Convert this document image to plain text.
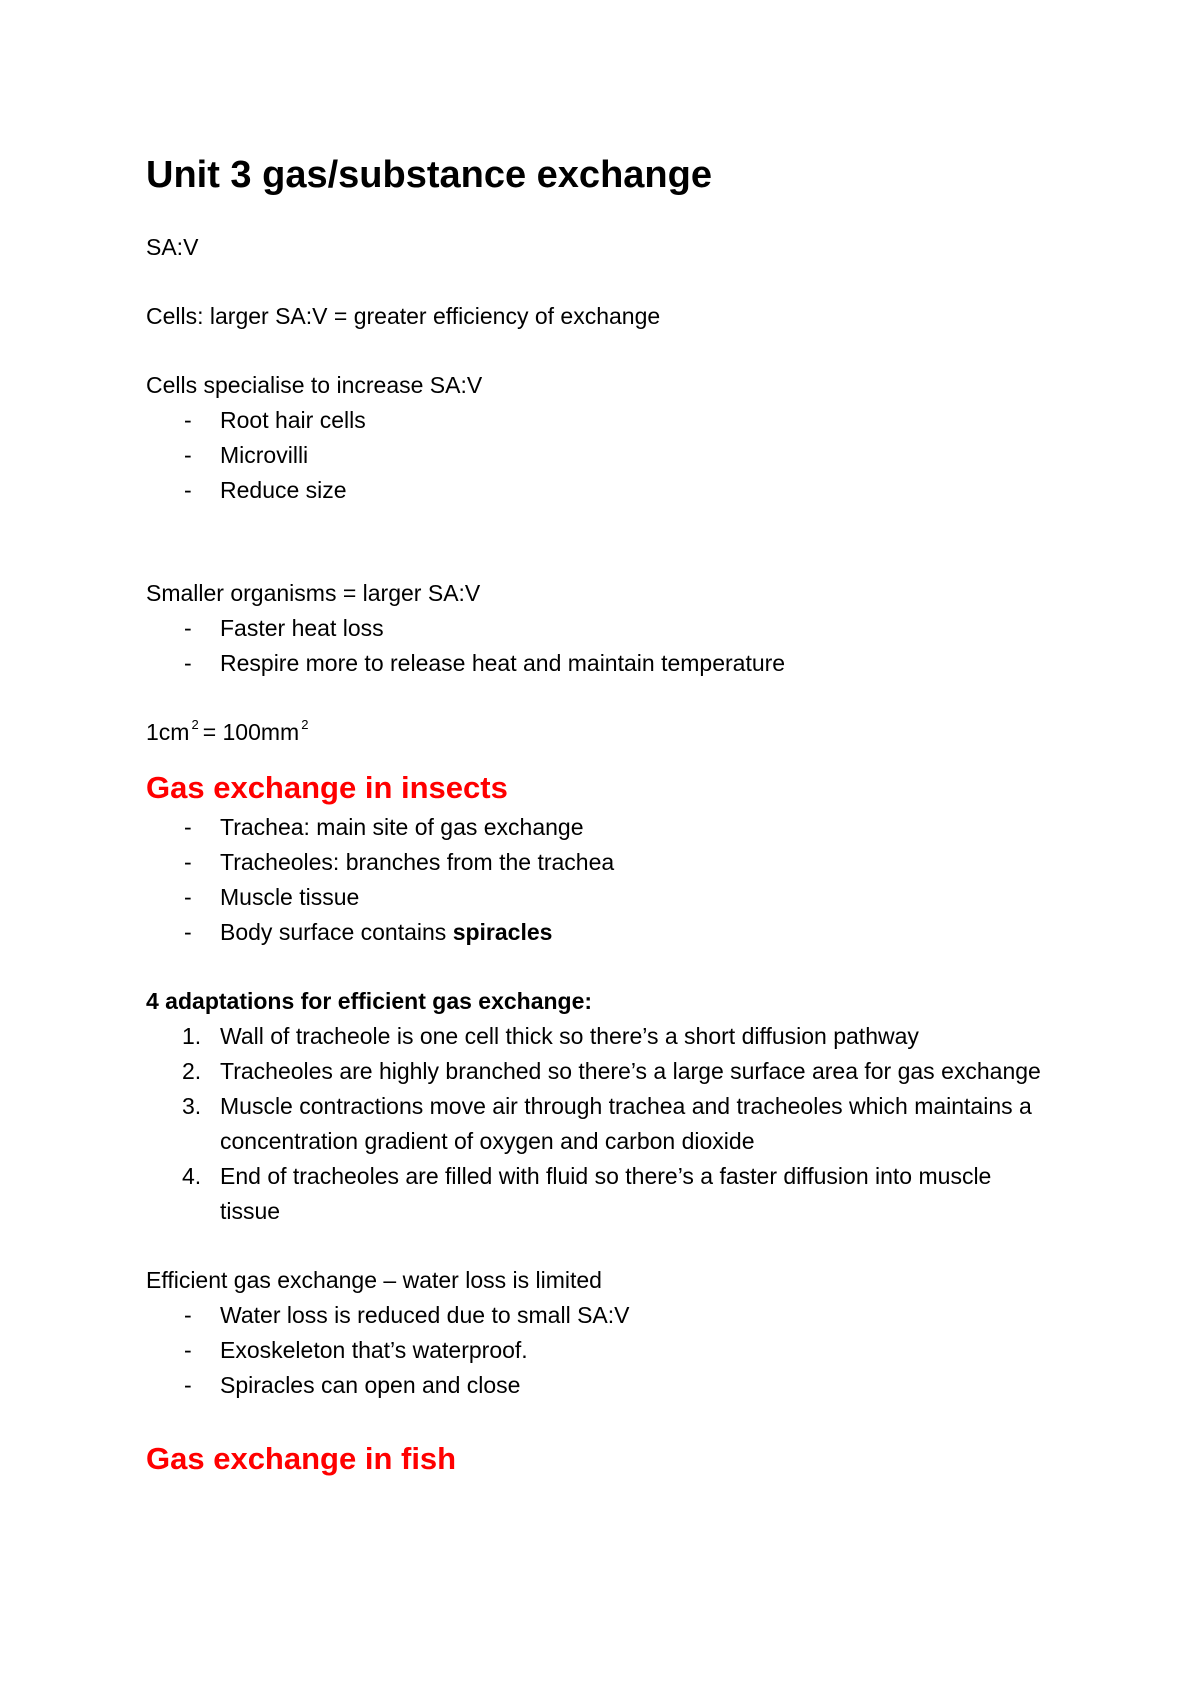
Unit 3 gas/substance exchange

SA:V

Cells: larger SA:V = greater efficiency of exchange

Cells specialise to increase SA:V

- Root hair cells
- Microvilli
- Reduce size

Smaller organisms = larger SA:V

- Faster heat loss
- Respire more to release heat and maintain temperature

1cm $^2$ = 100mm $^2$

Gas exchange in insects
- Trachea: main site of gas exchange
- Tracheoles: branches from the trachea
- Muscle tissue
- Body surface contains spiracles

4 adaptations for efficient gas exchange:

1. Wall of tracheole is one cell thick so there’s a short diffusion pathway
2. Tracheoles are highly branched so there’s a large surface area for gas exchange
3. Muscle contractions move air through trachea and tracheoles which maintains a concentration gradient of oxygen and carbon dioxide
4. End of tracheoles are filled with fluid so there’s a faster diffusion into muscle tissue

Efficient gas exchange – water loss is limited

- Water loss is reduced due to small SA:V
- Exoskeleton that’s waterproof.
- Spiracles can open and close
Gas exchange in fish
